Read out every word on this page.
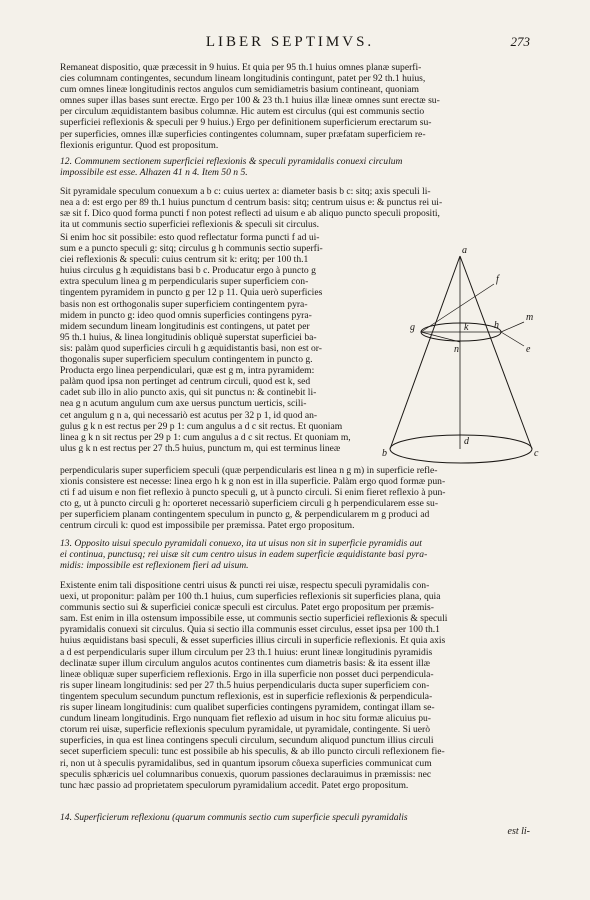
LIBER SEPTIMVS.	273
Remaneat dispositio, quæ præcessit in 9 huius. Et quia per 95 th.1 huius omnes planæ superfi-
cies columnam contingentes, secundum lineam longitudinis contingunt, patet per 92 th.1 huius,
cum omnes lineæ longitudinis rectos angulos cum semidiametris basium contineant, quoniam
omnes super illas bases sunt erectæ. Ergo per 100 & 23 th.1 huius illæ lineæ omnes sunt erectæ su-
per circulum æquidistantem basibus columnæ. Hic autem est circulus (qui est communis sectio
superficiei reflexionis & speculi per 9 huius.) Ergo per definitionem superficierum erectarum su-
per superficies, omnes illæ superficies contingentes columnam, super præfatam superficiem re-
flexionis eriguntur. Quod est propositum.
12. Communem sectionem superficiei reflexionis & speculi pyramidalis conuexi circulum
impossibile est esse. Alhazen 41 n 4. Item 50 n 5.
Sit pyramidale speculum conuexum a b c: cuius uertex a: diameter basis b c: sitq; axis speculi li-
nea a d: est ergo per 89 th.1 huius punctum d centrum basis: sitq; centrum uisus e: & punctus rei ui-
sæ sit f. Dico quod forma puncti f non potest reflecti ad uisum e ab aliquo puncto speculi propositi,
ita ut communis sectio superficiei reflexionis & speculi sit circulus.
Si enim hoc sit possibile: esto quod reflectatur forma puncti f ad ui-
sum e a puncto speculi g: sitq; circulus g h communis sectio superfi-
ciei reflexionis & speculi: cuius centrum sit k: eritq; per 100 th.1
huius circulus g h æquidistans basi b c. Producatur ergo à puncto g
extra speculum linea g m perpendicularis super superficiem con-
tingentem pyramidem in puncto g per 12 p 11. Quia uerò superficies
basis non est orthogonalis super superficiem contingentem pyra-
midem in puncto g: ideo quod omnis superficies contingens pyra-
midem secundum lineam longitudinis est contingens, ut patet per
95 th.1 huius, & linea longitudinis obliquè superstat superficiei ba-
sis: palàm quod superficies circuli h g æquidistantis basi, non est or-
thogonalis super superficiem speculum contingentem in puncto g.
Producta ergo linea perpendiculari, quæ est g m, intra pyramidem:
palàm quod ipsa non pertinget ad centrum circuli, quod est k, sed
cadet sub illo in alio puncto axis, qui sit punctus n: & continebit li-
nea g n acutum angulum cum axe uersus punctum uerticis, scili-
cet angulum g n a, qui necessariò est acutus per 32 p 1, id quod an-
gulus g k n est rectus per 29 p 1: cum angulus a d c sit rectus. Et quoniam
linea g k n sit rectus per 29 p 1: cum angulus a d c sit rectus. Et quoniam m,
ulus g k n est rectus per 27 th.5 huius, punctum m, qui est terminus lineæ
a
f
m
g	h
k
n	e
d
b	c
perpendicularis super superficiem speculi (quæ perpendicularis est linea n g m) in superficie refle-
xionis consistere est necesse: linea ergo h k g non est in illa superficie. Palàm ergo quod formæ pun-
cti f ad uisum e non fiet reflexio à puncto speculi g, ut à puncto circuli. Si enim fieret reflexio à pun-
cto g, ut à puncto circuli g h: oporteret necessariò superficiem circuli g h perpendicularem esse su-
per superficiem planam contingentem speculum in puncto g, & perpendicularem m g produci ad
centrum circuli k: quod est impossibile per præmissa. Patet ergo propositum.
13. Opposito uisui speculo pyramidali conuexo, ita ut uisus non sit in superficie pyramidis aut
ei continua, punctusq; rei uisæ sit cum centro uisus in eadem superficie æquidistante basi pyra-
midis: impossibile est reflexionem fieri ad uisum.
Existente enim tali dispositione centri uisus & puncti rei uisæ, respectu speculi pyramidalis con-
uexi, ut proponitur: palàm per 100 th.1 huius, cum superficies reflexionis sit superficies plana, quia
communis sectio sui & superficiei conicæ speculi est circulus. Patet ergo propositum per præmis-
sam. Est enim in illa ostensum impossibile esse, ut communis sectio superficiei reflexionis & speculi
pyramidalis conuexi sit circulus. Quia si sectio illa communis esset circulus, esset ipsa per 100 th.1
huius æquidistans basi speculi, & esset superficies illius circuli in superficie reflexionis. Et quia axis
a d est perpendicularis super illum circulum per 23 th.1 huius: erunt lineæ longitudinis pyramidis
declinatæ super illum circulum angulos acutos continentes cum diametris basis: & ita essent illæ
lineæ obliquæ super superficiem reflexionis. Ergo in illa superficie non posset duci perpendicula-
ris super lineam longitudinis: sed per 27 th.5 huius perpendicularis ducta super superficiem con-
tingentem speculum secundum punctum reflexionis, est in superficie reflexionis & perpendicula-
ris super lineam longitudinis: cum qualibet superficies contingens pyramidem, contingat illam se-
cundum lineam longitudinis. Ergo nunquam fiet reflexio ad uisum in hoc situ formæ alicuius pu-
ctorum rei uisæ, superficie reflexionis speculum pyramidale, ut pyramidale, contingente. Si uerò
superficies, in qua est linea contingens speculi circulum, secundum aliquod punctum illius circuli
secet superficiem speculi: tunc est possibile ab his speculis, & ab illo puncto circuli reflexionem fie-
ri, non ut à speculis pyramidalibus, sed in quantum ipsorum côuexa superficies communicat cum
speculis sphæricis uel columnaribus conuexis, quorum passiones declarauimus in præmissis: nec
tunc hæc passio ad proprietatem speculorum pyramidalium accedit. Patet ergo propositum.
14. Superficierum reflexionu (quarum communis sectio cum superficie speculi pyramidalis
est li-
